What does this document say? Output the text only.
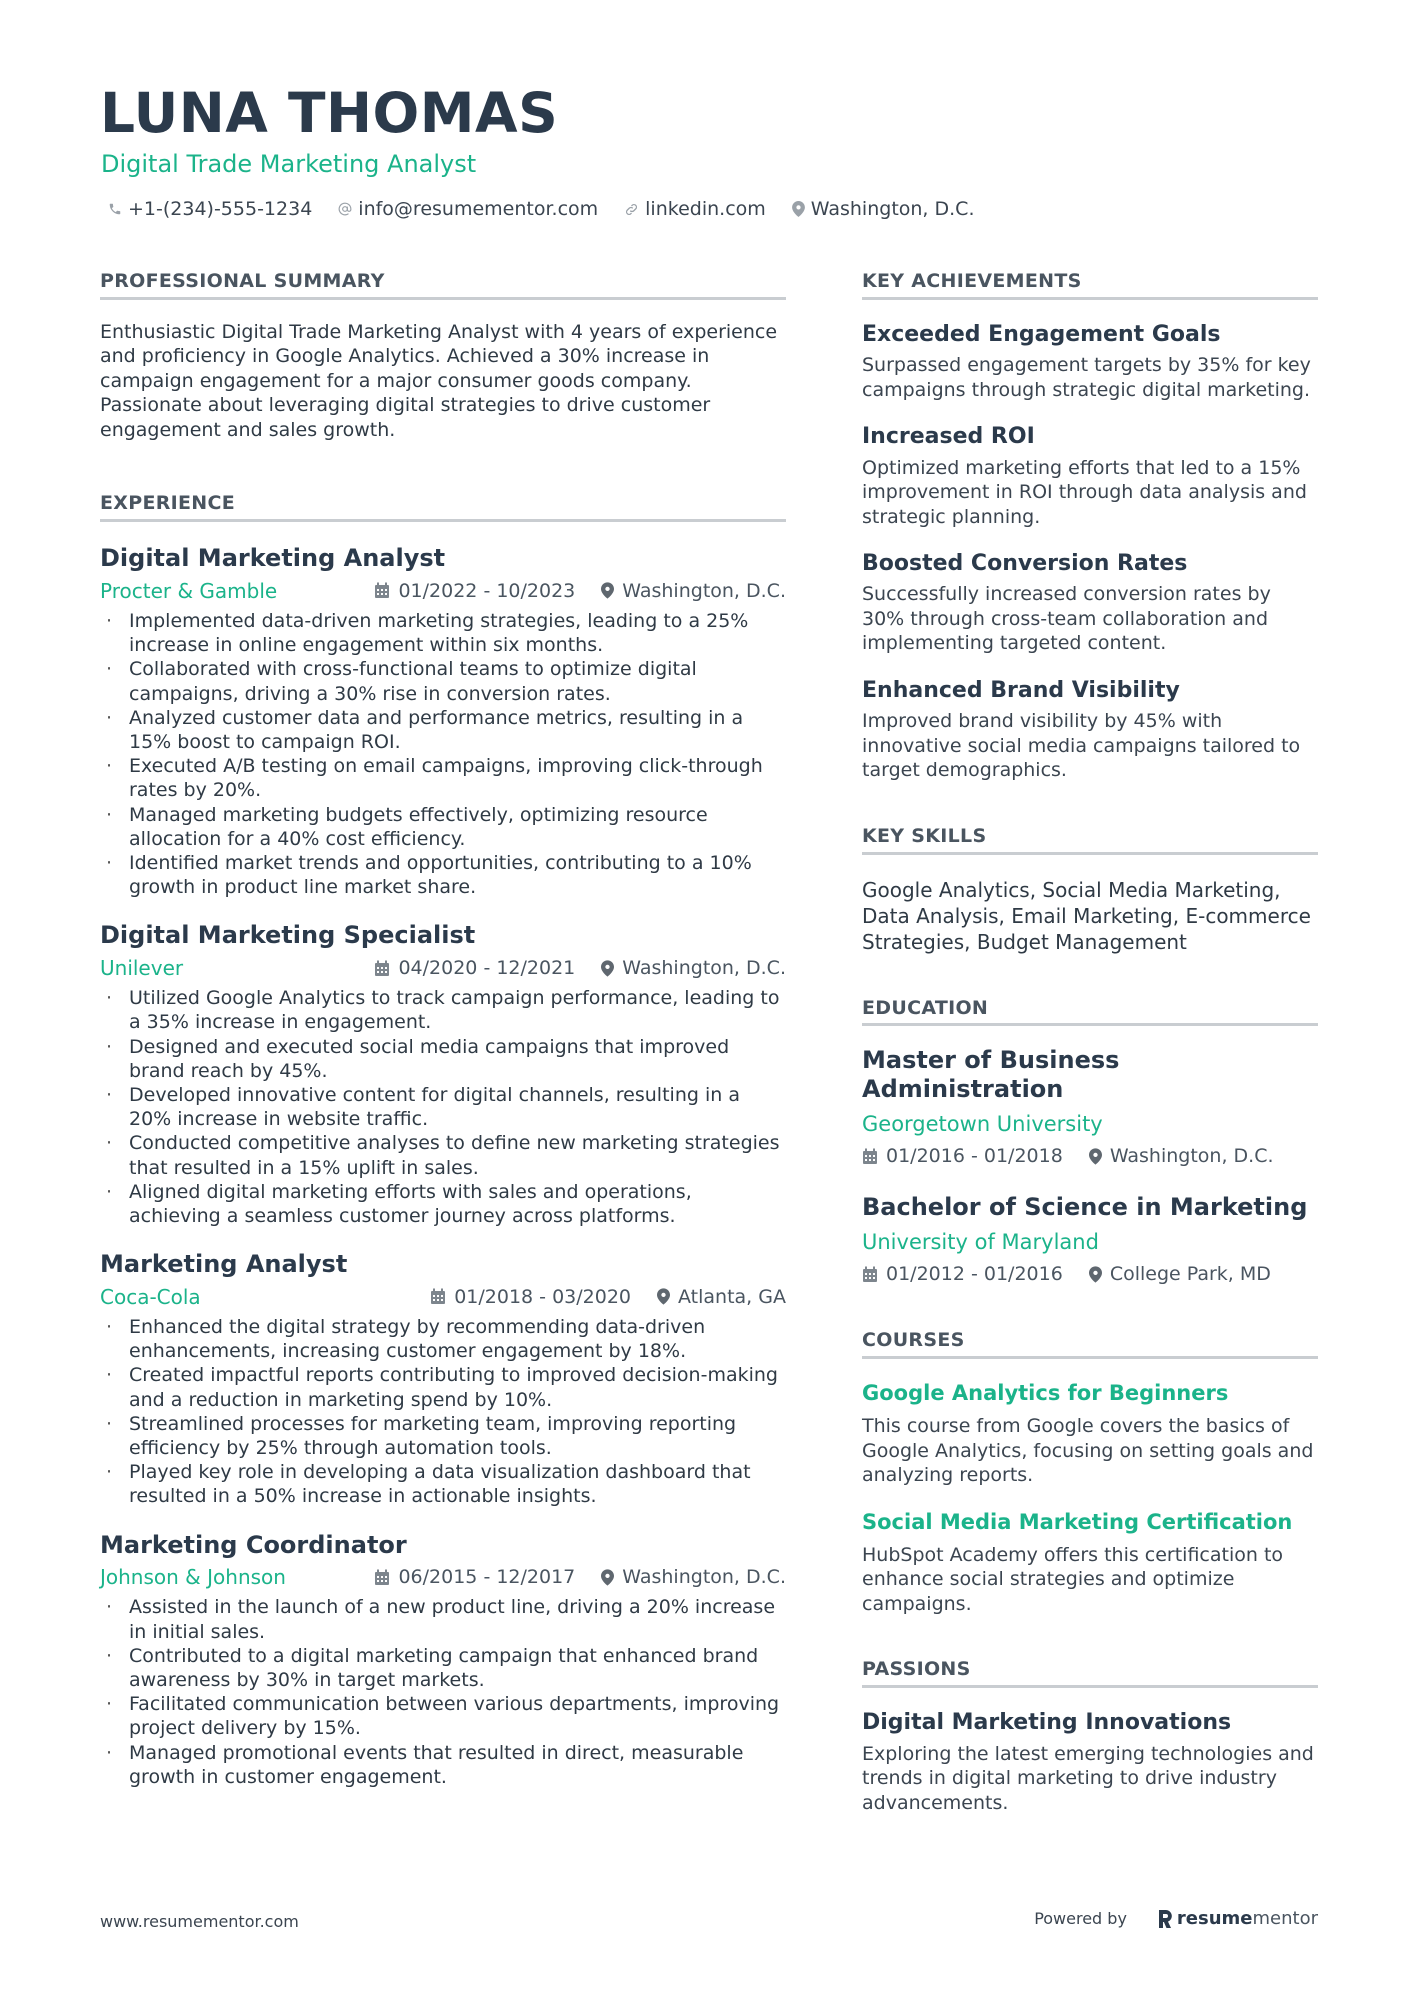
LUNA THOMAS
Digital Trade Marketing Analyst
+1-(234)-555-1234 info@resumementor.com linkedin.com Washington, D.C.
PROFESSIONAL SUMMARY

Enthusiastic Digital Trade Marketing Analyst with 4 years of experience and proficiency in Google Analytics. Achieved a 30% increase in campaign engagement for a major consumer goods company. Passionate about leveraging digital strategies to drive customer engagement and sales growth.

EXPERIENCE
Digital Marketing Analyst
Procter & Gamble	01/2022 - 10/2023 Washington, D.C.
· Implemented data-driven marketing strategies, leading to a 25% increase in online engagement within six months.
· Collaborated with cross-functional teams to optimize digital campaigns, driving a 30% rise in conversion rates.
· Analyzed customer data and performance metrics, resulting in a 15% boost to campaign ROI.
· Executed A/B testing on email campaigns, improving click-through rates by 20%.
· Managed marketing budgets effectively, optimizing resource allocation for a 40% cost efficiency.
· Identified market trends and opportunities, contributing to a 10% growth in product line market share.
Digital Marketing Specialist
Unilever	04/2020 - 12/2021 Washington, D.C.
· Utilized Google Analytics to track campaign performance, leading to a 35% increase in engagement.
· Designed and executed social media campaigns that improved brand reach by 45%.
· Developed innovative content for digital channels, resulting in a 20% increase in website traffic.
· Conducted competitive analyses to define new marketing strategies that resulted in a 15% uplift in sales.
· Aligned digital marketing efforts with sales and operations, achieving a seamless customer journey across platforms.
Marketing Analyst
Coca-Cola	01/2018 - 03/2020 Atlanta, GA
· Enhanced the digital strategy by recommending data-driven enhancements, increasing customer engagement by 18%.
· Created impactful reports contributing to improved decision-making and a reduction in marketing spend by 10%.
· Streamlined processes for marketing team, improving reporting efficiency by 25% through automation tools.
· Played key role in developing a data visualization dashboard that resulted in a 50% increase in actionable insights.
Marketing Coordinator
Johnson & Johnson	06/2015 - 12/2017 Washington, D.C.
· Assisted in the launch of a new product line, driving a 20% increase in initial sales.
· Contributed to a digital marketing campaign that enhanced brand awareness by 30% in target markets.
· Facilitated communication between various departments, improving project delivery by 15%.
· Managed promotional events that resulted in direct, measurable growth in customer engagement.
KEY ACHIEVEMENTS
Exceeded Engagement Goals

Surpassed engagement targets by 35% for key campaigns through strategic digital marketing.

Increased ROI

Optimized marketing efforts that led to a 15% improvement in ROI through data analysis and strategic planning.

Boosted Conversion Rates

Successfully increased conversion rates by 30% through cross-team collaboration and implementing targeted content.

Enhanced Brand Visibility

Improved brand visibility by 45% with innovative social media campaigns tailored to target demographics.

KEY SKILLS

Google Analytics, Social Media Marketing, Data Analysis, Email Marketing, E-commerce Strategies, Budget Management

EDUCATION
Master of Business Administration
Georgetown University
01/2016 - 01/2018 Washington, D.C.
Bachelor of Science in Marketing
University of Maryland
01/2012 - 01/2016 College Park, MD
COURSES
Google Analytics for Beginners

This course from Google covers the basics of Google Analytics, focusing on setting goals and analyzing reports.

Social Media Marketing Certification

HubSpot Academy offers this certification to enhance social strategies and optimize campaigns.

PASSIONS
Digital Marketing Innovations

Exploring the latest emerging technologies and trends in digital marketing to drive industry advancements.

www.resumementor.com	Powered by	resume mentor
